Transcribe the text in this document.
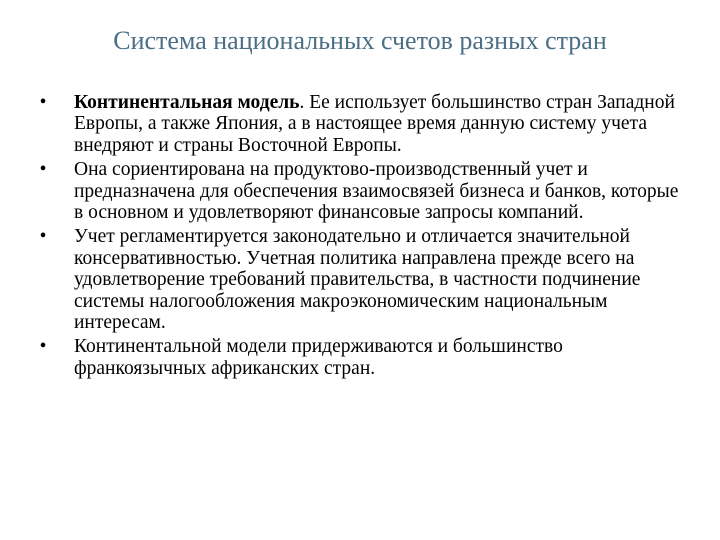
Система национальных счетов разных стран
• Континентальная модель. Ее использует большинство стран Западной Европы, а также Япония, а в настоящее время данную систему учета внедряют и страны Восточной Европы.
• Она сориентирована на продуктово-производственный учет и предназначена для обеспечения взаимосвязей бизнеса и банков, которые в основном и удовлетворяют финансовые запросы компаний.
• Учет регламентируется законодательно и отличается значительной консервативностью. Учетная политика направлена прежде всего на удовлетворение требований правительства, в частности подчинение системы налогообложения макроэкономическим национальным интересам.
• Континентальной модели придерживаются и большинство франкоязычных африканских стран.
